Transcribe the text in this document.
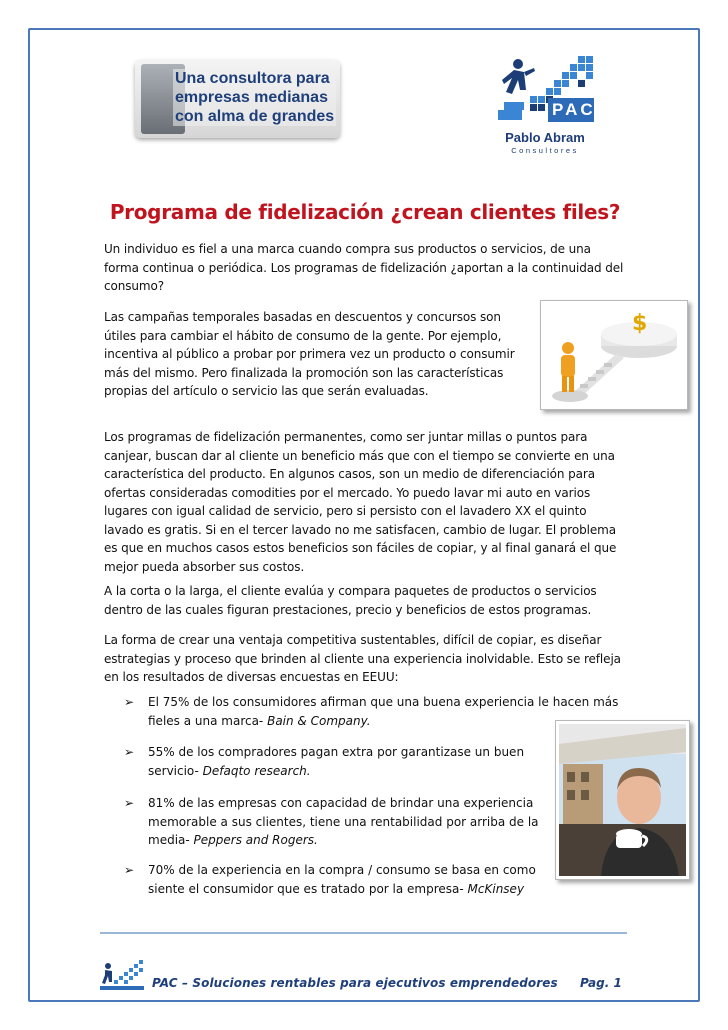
Una consultora para
empresas medianas
con alma de grandes	PAC
Pablo Abram
Consultores
Programa de fidelización ¿crean clientes files?
Un individuo es fiel a una marca cuando compra sus productos o servicios, de una forma continua o periódica. Los programas de fidelización ¿aportan a la continuidad del consumo?
Las campañas temporales basadas en descuentos y concursos son útiles para cambiar el hábito de consumo de la gente. Por ejemplo, incentiva al público a probar por primera vez un producto o consumir más del mismo. Pero finalizada la promoción son las características propias del artículo o servicio las que serán evaluadas.
$
Los programas de fidelización permanentes, como ser juntar millas o puntos para canjear, buscan dar al cliente un beneficio más que con el tiempo se convierte en una característica del producto. En algunos casos, son un medio de diferenciación para ofertas consideradas comodities por el mercado. Yo puedo lavar mi auto en varios lugares con igual calidad de servicio, pero si persisto con el lavadero XX el quinto lavado es gratis. Si en el tercer lavado no me satisfacen, cambio de lugar. El problema es que en muchos casos estos beneficios son fáciles de copiar, y al final ganará el que mejor pueda absorber sus costos.
A la corta o la larga, el cliente evalúa y compara paquetes de productos o servicios dentro de las cuales figuran prestaciones, precio y beneficios de estos programas.
La forma de crear una ventaja competitiva sustentables, difícil de copiar, es diseñar estrategias y proceso que brinden al cliente una experiencia inolvidable. Esto se refleja en los resultados de diversas encuestas en EEUU:
➢ El 75% de los consumidores afirman que una buena experiencia le hacen más fieles a una marca- Bain & Company.
➢ 55% de los compradores pagan extra por garantizase un buen servicio- Defaqto research.
➢ 81% de las empresas con capacidad de brindar una experiencia memorable a sus clientes, tiene una rentabilidad por arriba de la media- Peppers and Rogers.
➢ 70% de la experiencia en la compra / consumo se basa en como siente el consumidor que es tratado por la empresa- McKinsey
PAC – Soluciones rentables para ejecutivos emprendedores Pag. 1
